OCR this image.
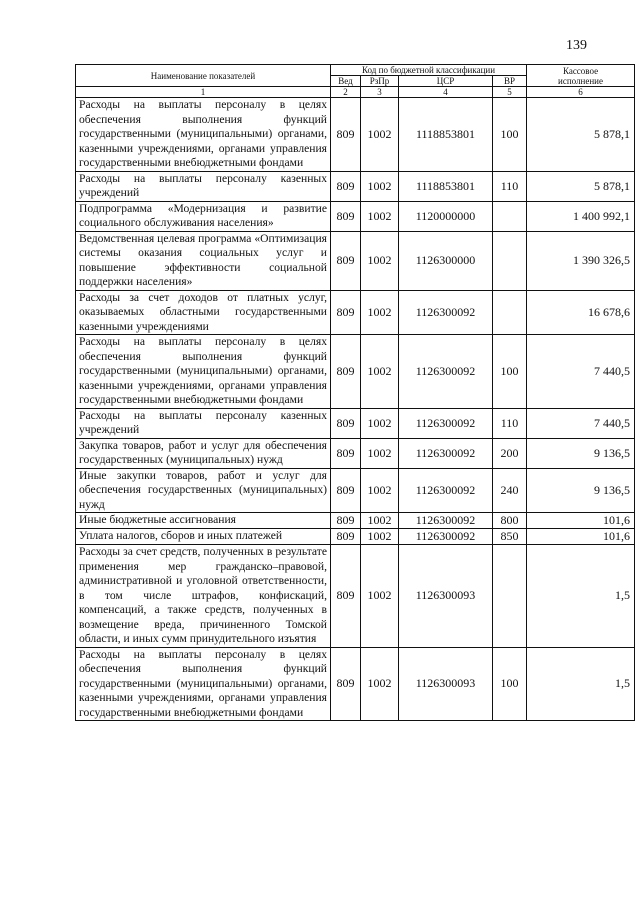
139
Наименование показателей	Код по бюджетной классификации				Кассовое
исполнение
	Вед	РзПр	ЦСР	ВР	
1	2	3	4	5	6
Расходы на выплаты персоналу в целях обеспечения выполнения функций государственными (муниципальными) органами, казенными учреждениями, органами управления государственными внебюджетными фондами	809	1002	1118853801	100	5 878,1
Расходы на выплаты персоналу казенных учреждений	809	1002	1118853801	110	5 878,1
Подпрограмма «Модернизация и развитие социального обслуживания населения»	809	1002	1120000000		1 400 992,1
Ведомственная целевая программа «Оптимизация системы оказания социальных услуг и повышение эффективности социальной поддержки населения»	809	1002	1126300000		1 390 326,5
Расходы за счет доходов от платных услуг, оказываемых областными государственными казенными учреждениями	809	1002	1126300092		16 678,6
Расходы на выплаты персоналу в целях обеспечения выполнения функций государственными (муниципальными) органами, казенными учреждениями, органами управления государственными внебюджетными фондами	809	1002	1126300092	100	7 440,5
Расходы на выплаты персоналу казенных учреждений	809	1002	1126300092	110	7 440,5
Закупка товаров, работ и услуг для обеспечения государственных (муниципальных) нужд	809	1002	1126300092	200	9 136,5
Иные закупки товаров, работ и услуг для обеспечения государственных (муниципальных) нужд	809	1002	1126300092	240	9 136,5
Иные бюджетные ассигнования	809	1002	1126300092	800	101,6
Уплата налогов, сборов и иных платежей	809	1002	1126300092	850	101,6
Расходы за счет средств, полученных в результате применения мер гражданско–правовой, административной и уголовной ответственности, в том числе штрафов, конфискаций, компенсаций, а также средств, полученных в возмещение вреда, причиненного Томской области, и иных сумм принудительного изъятия	809	1002	1126300093		1,5
Расходы на выплаты персоналу в целях обеспечения выполнения функций государственными (муниципальными) органами, казенными учреждениями, органами управления государственными внебюджетными фондами	809	1002	1126300093	100	1,5
